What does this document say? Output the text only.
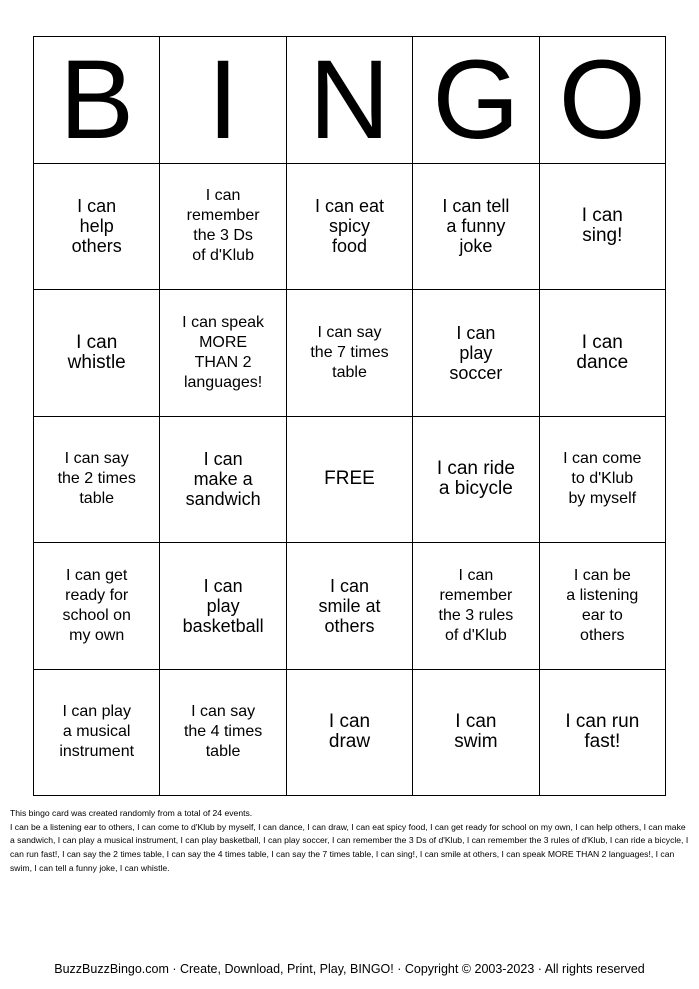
B I N G O
I can
help
others
I can
remember
the 3 Ds
of d'Klub
I can eat
spicy
food
I can tell
a funny
joke
I can
sing!
I can
whistle
I can speak
MORE
THAN 2
languages!
I can say
the 7 times
table
I can
play
soccer
I can
dance
I can say
the 2 times
table
I can
make a
sandwich
FREE	I can ride
a bicycle
I can come
to d'Klub
by myself
I can get
ready for
school on
my own
I can
play
basketball
I can
smile at
others
I can
remember
the 3 rules
of d'Klub
I can be
a listening
ear to
others
I can play
a musical
instrument
I can say
the 4 times
table
I can
draw
I can
swim
I can run
fast!

This bingo card was created randomly from a total of 24 events.

I can be a listening ear to others, I can come to d'Klub by myself, I can dance, I can draw, I can eat spicy food, I can get ready for school on my own, I can help others, I can make a sandwich, I can play a musical instrument, I can play basketball, I can play soccer, I can remember the 3 Ds of d'Klub, I can remember the 3 rules of d'Klub, I can ride a bicycle, I can run fast!, I can say the 2 times table, I can say the 4 times table, I can say the 7 times table, I can sing!, I can smile at others, I can speak MORE THAN 2 languages!, I can swim, I can tell a funny joke, I can whistle.

BuzzBuzzBingo.com · Create, Download, Print, Play, BINGO! · Copyright © 2003-2023 · All rights reserved
